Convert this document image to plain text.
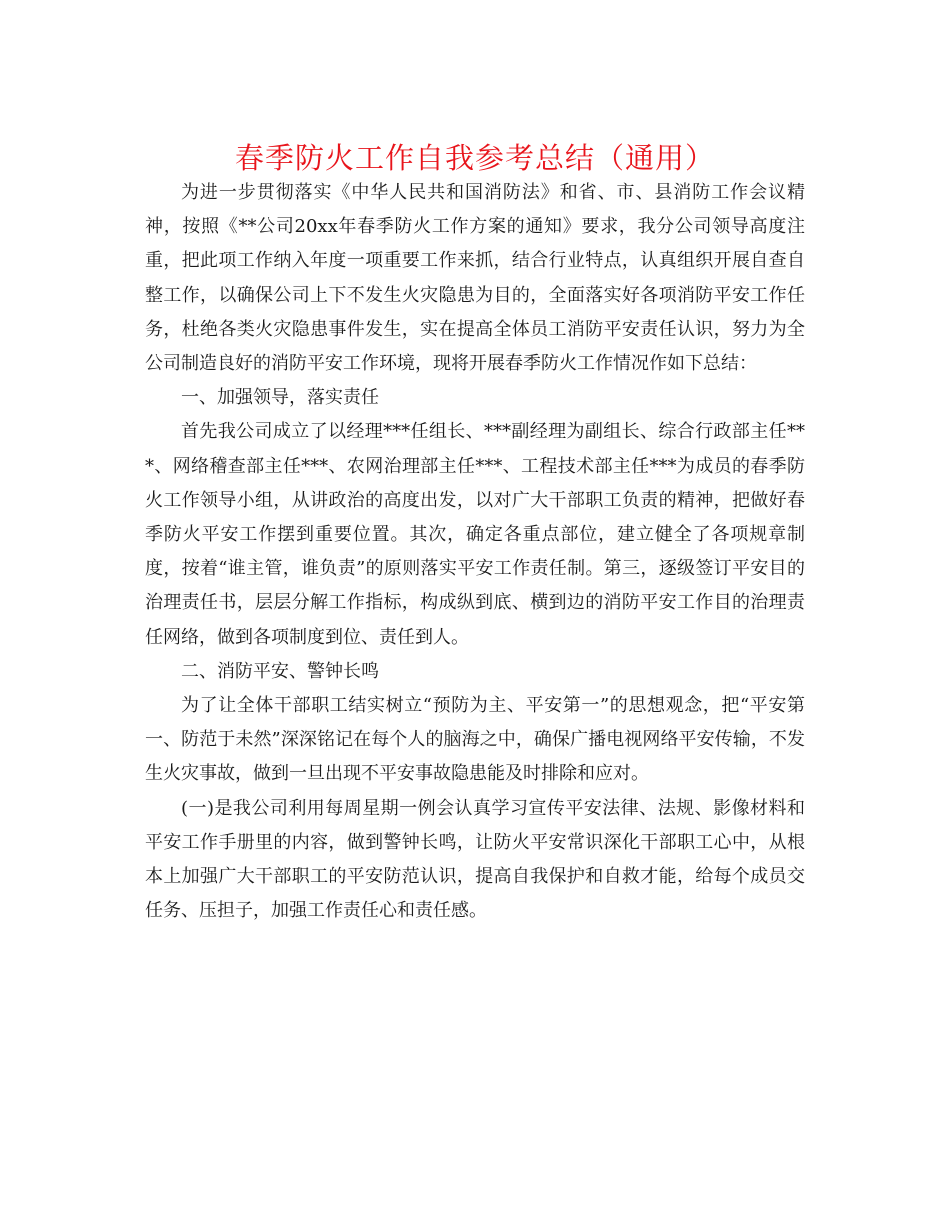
春季防火工作自我参考总结（通用）

为进一步贯彻落实《中华人民共和国消防法》和省、市、县消防工作会议精神，按照《**公司20xx年春季防火工作方案的通知》要求，我分公司领导高度注重，把此项工作纳入年度一项重要工作来抓，结合行业特点，认真组织开展自查自整工作，以确保公司上下不发生火灾隐患为目的，全面落实好各项消防平安工作任务，杜绝各类火灾隐患事件发生，实在提高全体员工消防平安责任认识，努力为全公司制造良好的消防平安工作环境，现将开展春季防火工作情况作如下总结：

一、加强领导，落实责任

首先我公司成立了以经理***任组长、***副经理为副组长、综合行政部主任***、网络稽查部主任***、农网治理部主任***、工程技术部主任***为成员的春季防火工作领导小组，从讲政治的高度出发，以对广大干部职工负责的精神，把做好春季防火平安工作摆到重要位置。其次，确定各重点部位，建立健全了各项规章制度，按着“谁主管，谁负责”的原则落实平安工作责任制。第三，逐级签订平安目的治理责任书，层层分解工作指标，构成纵到底、横到边的消防平安工作目的治理责任网络，做到各项制度到位、责任到人。

二、消防平安、警钟长鸣

为了让全体干部职工结实树立“预防为主、平安第一”的思想观念，把“平安第一、防范于未然”深深铭记在每个人的脑海之中，确保广播电视网络平安传输，不发生火灾事故，做到一旦出现不平安事故隐患能及时排除和应对。

(一)是我公司利用每周星期一例会认真学习宣传平安法律、法规、影像材料和平安工作手册里的内容，做到警钟长鸣，让防火平安常识深化干部职工心中，从根本上加强广大干部职工的平安防范认识，提高自我保护和自救才能，给每个成员交任务、压担子，加强工作责任心和责任感。
